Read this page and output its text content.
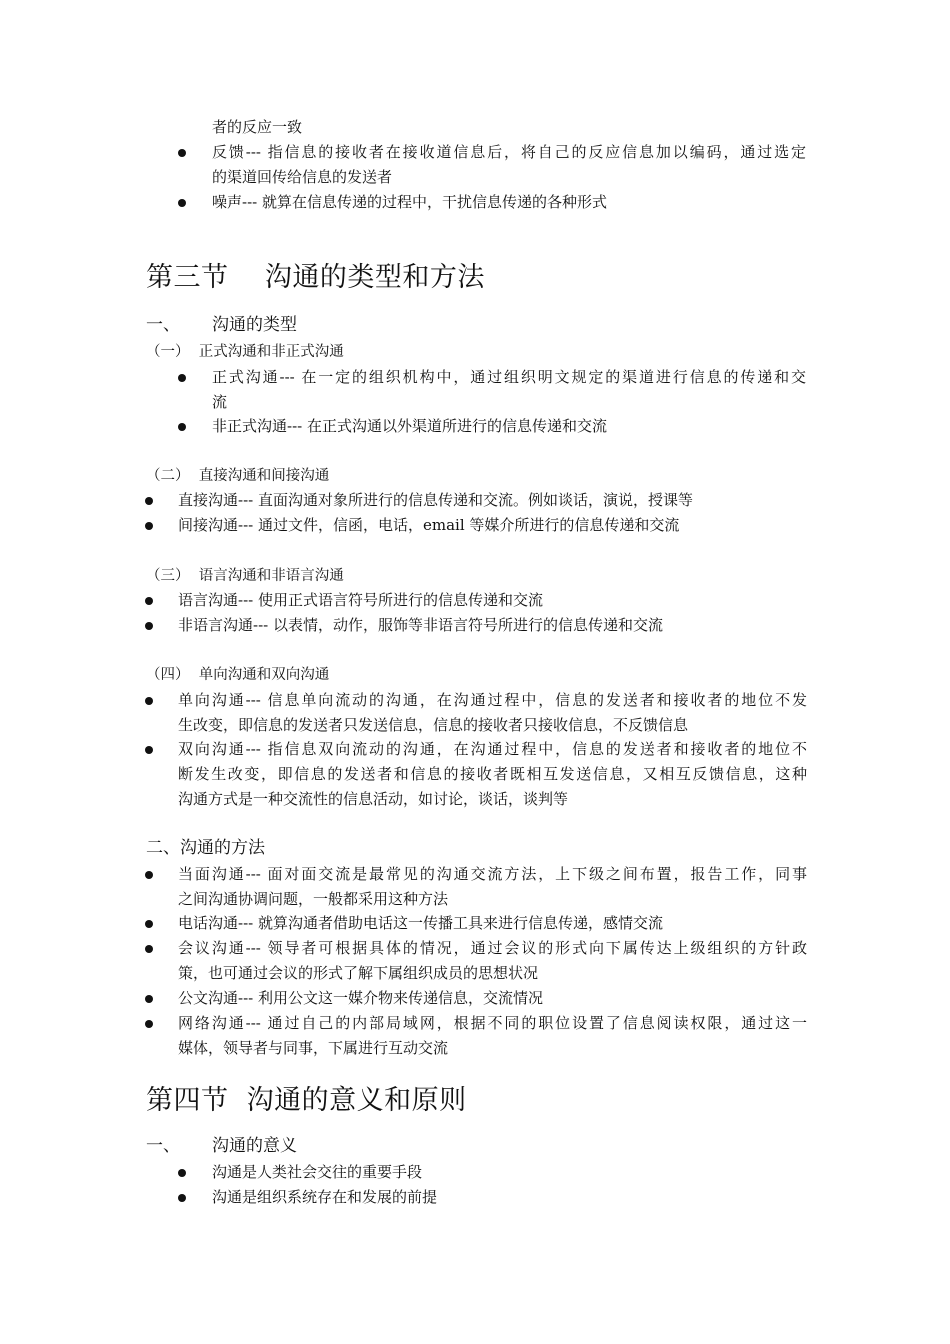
者的反应一致
反馈--- 指信息的接收者在接收道信息后，将自己的反应信息加以编码，通过选定
的渠道回传给信息的发送者
噪声--- 就算在信息传递的过程中，干扰信息传递的各种形式
第三节    沟通的类型和方法
一、 沟通的类型
（一）  正式沟通和非正式沟通
正式沟通--- 在一定的组织机构中，通过组织明文规定的渠道进行信息的传递和交
流
非正式沟通--- 在正式沟通以外渠道所进行的信息传递和交流
（二）  直接沟通和间接沟通
直接沟通--- 直面沟通对象所进行的信息传递和交流。例如谈话，演说，授课等
间接沟通--- 通过文件，信函，电话，email 等媒介所进行的信息传递和交流
（三）  语言沟通和非语言沟通
语言沟通--- 使用正式语言符号所进行的信息传递和交流
非语言沟通--- 以表情，动作，服饰等非语言符号所进行的信息传递和交流
（四）  单向沟通和双向沟通
单向沟通--- 信息单向流动的沟通，在沟通过程中，信息的发送者和接收者的地位不发
生改变，即信息的发送者只发送信息，信息的接收者只接收信息，不反馈信息
双向沟通--- 指信息双向流动的沟通，在沟通过程中，信息的发送者和接收者的地位不
断发生改变，即信息的发送者和信息的接收者既相互发送信息，又相互反馈信息，这种
沟通方式是一种交流性的信息活动，如讨论，谈话，谈判等
二、沟通的方法
当面沟通--- 面对面交流是最常见的沟通交流方法，上下级之间布置，报告工作，同事
之间沟通协调问题，一般都采用这种方法
电话沟通--- 就算沟通者借助电话这一传播工具来进行信息传递，感情交流
会议沟通--- 领导者可根据具体的情况，通过会议的形式向下属传达上级组织的方针政
策，也可通过会议的形式了解下属组织成员的思想状况
公文沟通--- 利用公文这一媒介物来传递信息，交流情况
网络沟通--- 通过自己的内部局域网，根据不同的职位设置了信息阅读权限，通过这一
媒体，领导者与同事，下属进行互动交流
第四节  沟通的意义和原则
一、 沟通的意义
沟通是人类社会交往的重要手段
沟通是组织系统存在和发展的前提
